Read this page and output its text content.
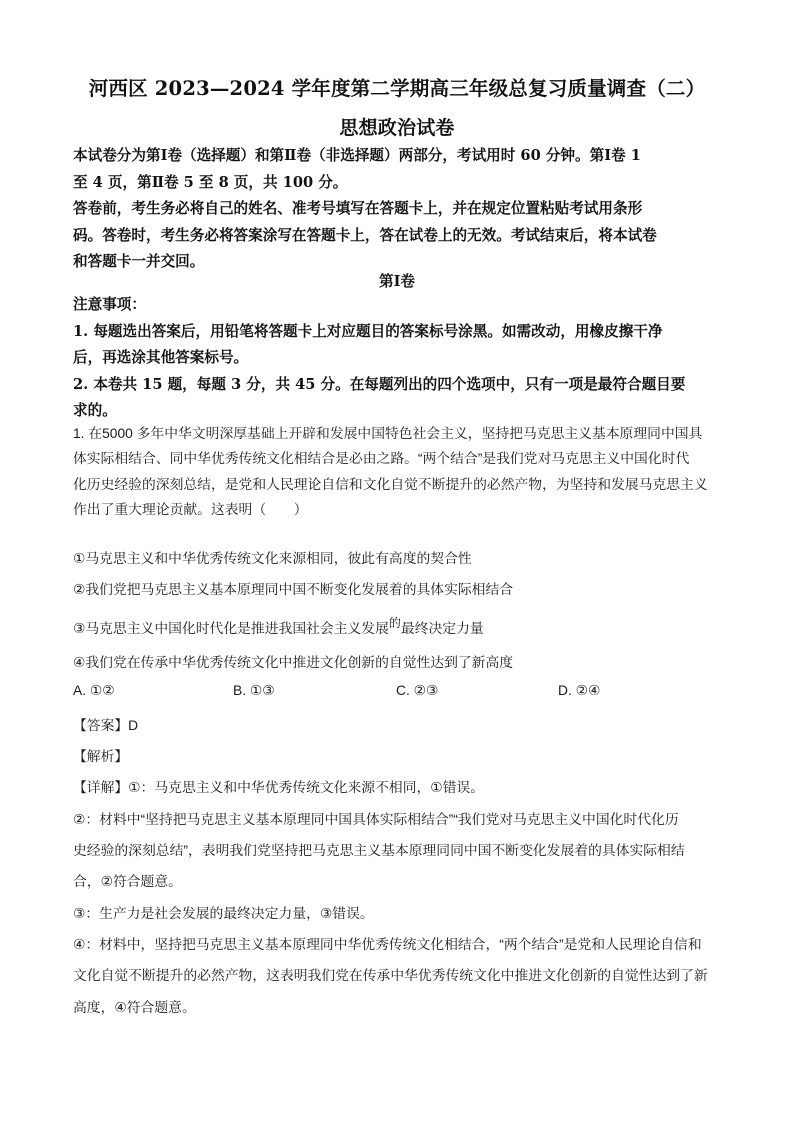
河西区 2023—2024 学年度第二学期高三年级总复习质量调查（二）
思想政治试卷
本试卷分为第Ⅰ卷（选择题）和第Ⅱ卷（非选择题）两部分，考试用时 60 分钟。第Ⅰ卷 1
至 4 页，第Ⅱ卷 5 至 8 页，共 100 分。
答卷前，考生务必将自己的姓名、准考号填写在答题卡上，并在规定位置粘贴考试用条形
码。答卷时，考生务必将答案涂写在答题卡上，答在试卷上的无效。考试结束后，将本试卷
和答题卡一并交回。
第Ⅰ卷
注意事项：
1. 每题选出答案后，用铅笔将答题卡上对应题目的答案标号涂黑。如需改动，用橡皮擦干净
后，再选涂其他答案标号。
2. 本卷共 15 题，每题 3 分，共 45 分。在每题列出的四个选项中，只有一项是最符合题目要
求的。
1. 在5000 多年中华文明深厚基础上开辟和发展中国特色社会主义，坚持把马克思主义基本原理同中国具
体实际相结合、同中华优秀传统文化相结合是必由之路。“两个结合”是我们党对马克思主义中国化时代
化历史经验的深刻总结，是党和人民理论自信和文化自觉不断提升的必然产物，为坚持和发展马克思主义
作出了重大理论贡献。这表明（　　）
①马克思主义和中华优秀传统文化来源相同，彼此有高度的契合性
②我们党把马克思主义基本原理同中国不断变化发展着的具体实际相结合
③马克思主义中国化时代化是推进我国社会主义发展的最终决定力量
④我们党在传承中华优秀传统文化中推进文化创新的自觉性达到了新高度
A. ①②	B. ①③	C. ②③	D. ②④
【答案】D
【解析】
【详解】①：马克思主义和中华优秀传统文化来源不相同，①错误。
②：材料中“坚持把马克思主义基本原理同中国具体实际相结合”“我们党对马克思主义中国化时代化历
史经验的深刻总结”，表明我们党坚持把马克思主义基本原理同同中国不断变化发展着的具体实际相结
合，②符合题意。
③：生产力是社会发展的最终决定力量，③错误。
④：材料中，坚持把马克思主义基本原理同中华优秀传统文化相结合，“两个结合”是党和人民理论自信和
文化自觉不断提升的必然产物，这表明我们党在传承中华优秀传统文化中推进文化创新的自觉性达到了新
高度，④符合题意。
